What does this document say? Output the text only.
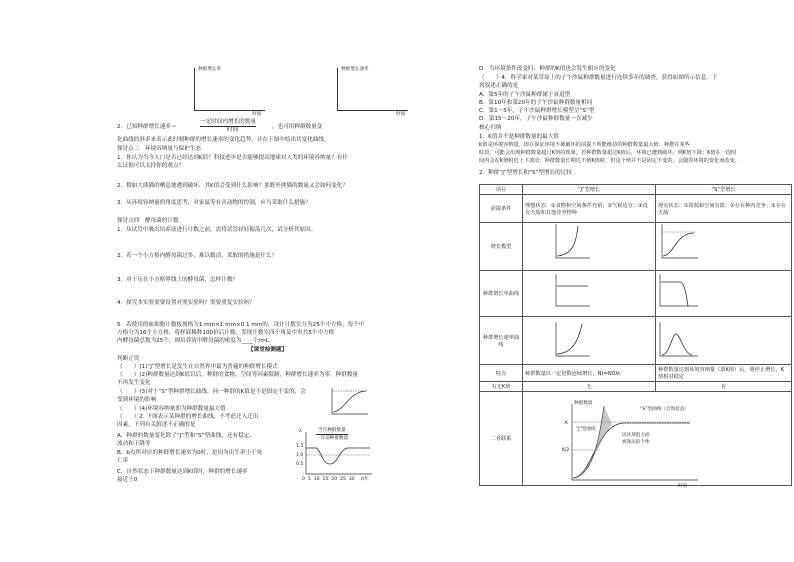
种群增长率
时间
种群增长速率
时间
2．已知种群增长速率＝
一定时间内增长的数量
时间	，也可用种群数量变
化曲线的斜率来表示此时刻种群的增长速率的变化趋势，并在下图中绘出其变化曲线。
探讨点三　环境容纳量与保护生态
1．你认为当今人口是否已经达到K值？科技进步是否能够提高地球对人类的环境容纳量？有什
么证据可以支持你的观点？
2．假如大熊猫的栖息地遭到破坏，其K值会受到什么影响？那野外熊猫的数量又会如何变化？
3．从环境容纳量的角度思考，对家鼠等有害动物的控制，应当采取什么措施？
探讨点四　酵母菌的计数
1．从试管中吸出培养液进行计数之前，需将试管轻轻振荡几次，试分析其原因。
2．若一个小方格内酵母菌过多，难以数清，采取的措施是什么？
3．对于压在小方格界线上的酵母菌，怎样计数？
4．探究本实验需要设置对照实验吗？需要重复实验吗？
5．若使用的血细胞计数板规格为1 mm×1 mm×0.1 mm的，设计计数室分为25个中方格，每个中
方格分为16个小方格，将样液稀释100倍后计数，发现计数室四个角及中央共5个中方格
内酵母菌总数为25个，则培养液中酵母菌的密度为____个/mL。
【课堂检测题】
判断正误
（　　）(1)“J”型增长是发生在自然界中最为普遍的种群增长模式
（　　）(2)种群数量达到K值以后，种群的食物、空间等因素限制，种群增长速率为零，种群数量
不再发生变化
（　　）(3)对于“S”型种群增长曲线，同一种群的K值是不是固定不变的，会
受到环境的影响
（　　）(4)环境容纳量即为种群数量最大值
（　　）2. 下图表示某种群的增长曲线，不考虑迁入迁出
因素，下列有关叙述不正确的是
A．种群的数量变化除了“J”型和“S”型曲线，还有稳定、
波动和下降等
B．b点所对应的种群增长速率为0时，是因为出生率小于死
亡率
C．自然状态下种群数量达到K值时，种群的增长速率
接近于0
当年种群数量
一年前种群数量
t/年
0 5 10 15 20 25 30
1.5
1.0
0.5
λ
D．当环境条件改变时，种群的K值也会发生相应的变化
（　　）4．科学家对某草原上的子午沙鼠种群数量进行连续多年的调查，获得如图所示信息。下
列叙述正确的是
A．第5年的子午沙鼠种群属于衰退型
B．第10年和第20年的子午沙鼠种群数量相同
C．第1～5年，子午沙鼠种群增长模型呈“S”型
D．第15～20年，子午沙鼠种群数量一直减少
核心归纳
1．K值并不是种群数量的最大值
K值是环境容纳量，即在保证环境不被破坏的前提下所能维持的种群数量最大值；种群在某些
时段，可能会出现种群数量超过K值的现象，若种群数量超过K值后，环境已遭到破坏，则K值下降；K值在一段时
间内会在K值附近上下波动；种群数量长期达不到K值时，但这个值并不是固定不变的，会随着环境的变化而改变。
2．种群“J”型增长和“S”型增长的比较
项目	“J”型增长	“S”型增长
前提条件	理想状态：①食物和空间条件充裕；②气候适宜；③没有天敌和其他竞争物种	现实状态：①资源和空间有限；②存在种内竞争；③存在天敌
增长模型		
种群增长率曲线		
种群增长速率曲线		
特点	种群数量以一定倍数连续增长，Nt=N0λt	种群数量达到环境容纳量（即K值）后，将停止增长，K值相对稳定
有无K值	无	有
二者联系		
种群数量
时间
“J”型曲线
“S”型曲线（自然状态）
K
K/2
因环境阻力而
被淘汰的个体
